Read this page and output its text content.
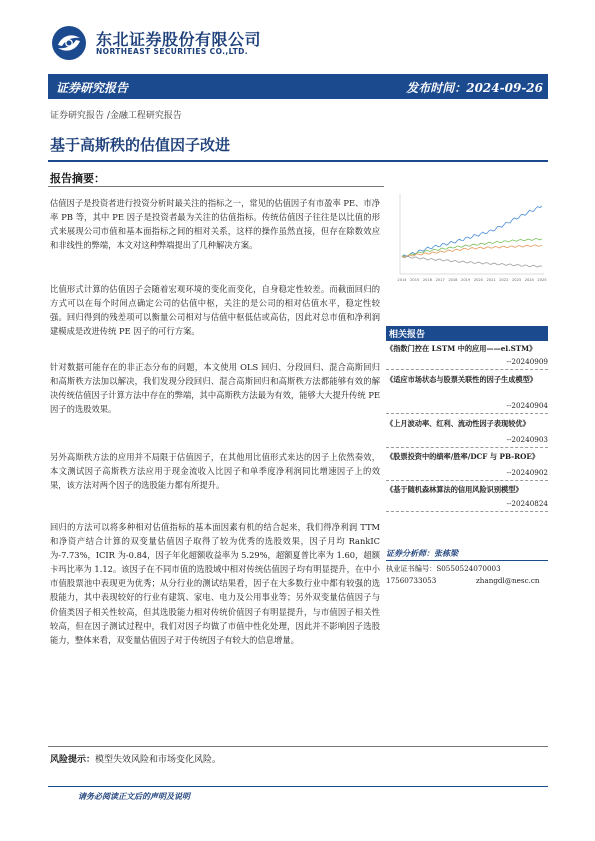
东北证券股份有限公司
NORTHEAST SECURITIES CO.,LTD.
证券研究报告	发布时间：2024-09-26
证券研究报告 /金融工程研究报告
基于高斯秩的估值因子改进
报告摘要：

估值因子是投资者进行投资分析时最关注的指标之一，常见的估值因子有市盈率 PE、市净率 PB 等，其中 PE 因子是投资者最为关注的估值指标。传统估值因子往往是以比值的形式来展现公司市值和基本面指标之间的相对关系，这样的操作虽然直接，但存在除数效应和非线性的弊端，本文对这种弊端提出了几种解决方案。

比值形式计算的估值因子会随着宏观环境的变化而变化，自身稳定性较差。而截面回归的方式可以在每个时间点确定公司的估值中枢，关注的是公司的相对估值水平，稳定性较强。回归得到的残差项可以衡量公司相对与估值中枢低估或高估，因此对总市值和净利润建模成是改进传统 PE 因子的可行方案。

针对数据可能存在的非正态分布的问题，本文使用 OLS 回归、分段回归、混合高斯回归和高斯秩方法加以解决，我们发现分段回归、混合高斯回归和高斯秩方法都能够有效的解决传统估值因子计算方法中存在的弊端，其中高斯秩方法最为有效，能够大大提升传统 PE 因子的选股效果。

另外高斯秩方法的应用并不局限于估值因子，在其他用比值形式来达的因子上依然奏效，本文测试因子高斯秩方法应用于现金流收入比因子和单季度净利润同比增速因子上的效果，该方法对两个因子的选股能力都有所提升。

回归的方法可以将多种相对估值指标的基本面因素有机的结合起来，我们得净利润 TTM 和净资产结合计算的双变量估值因子取得了较为优秀的选股效果，因子月均 RankIC 为-7.73%，ICIR 为-0.84，因子年化超额收益率为 5.29%，超额夏普比率为 1.60，超额卡玛比率为 1.12。该因子在不同市值的选股域中相对传统估值因子均有明显提升，在中小市值股票池中表现更为优秀；从分行业的测试结果看，因子在大多数行业中都有较强的选股能力，其中表现较好的行业有建筑、家电、电力及公用事业等；另外双变量估值因子与价值类因子相关性较高，但其选股能力相对传统价值因子有明显提升，与市值因子相关性较高，但在因子测试过程中，我们对因子均做了市值中性化处理，因此并不影响因子选股能力，整体来看，双变量估值因子对于传统因子有较大的信息增量。

2014 2015 2016 2017 2018 2019 2020 2021 2022 2023 2024 2025
相关报告
《指数门控在 LSTM 中的应用——el.STM》
--20240909
《适应市场状态与股票关联性的因子生成模型》
--20240904
《上月波动率、红利、流动性因子表现较优》
--20240903
《股票投资中的绩率/胜率/DCF 与 PB-ROE》
--20240902
《基于随机森林算法的信用风险识别模型》
--20240824
证券分析师：张栋梁
执业证书编号：S0550524070003
17560733053	zhangdl@nesc.cn
风险提示：模型失效风险和市场变化风险。
请务必阅读正文后的声明及说明
